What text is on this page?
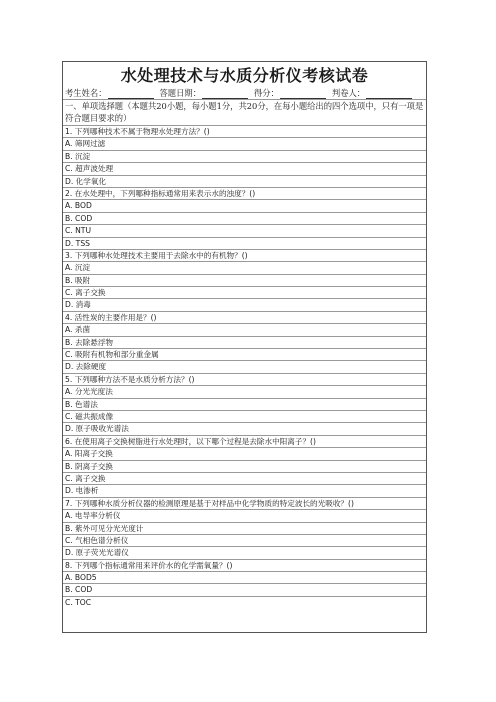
水处理技术与水质分析仪考核试卷
考生姓名：	答题日期：	得分：	判卷人：
一、单项选择题（本题共20小题，每小题1分，共20分，在每小题给出的四个选项中，只有一项是符合题目要求的）
1. 下列哪种技术不属于物理水处理方法？()
A. 筛网过滤
B. 沉淀
C. 超声波处理
D. 化学氧化
2. 在水处理中，下列哪种指标通常用来表示水的浊度？()
A. BOD
B. COD
C. NTU
D. TSS
3. 下列哪种水处理技术主要用于去除水中的有机物？()
A. 沉淀
B. 吸附
C. 离子交换
D. 消毒
4. 活性炭的主要作用是？()
A. 杀菌
B. 去除悬浮物
C. 吸附有机物和部分重金属
D. 去除硬度
5. 下列哪种方法不是水质分析方法？()
A. 分光光度法
B. 色谱法
C. 磁共振成像
D. 原子吸收光谱法
6. 在使用离子交换树脂进行水处理时，以下哪个过程是去除水中阳离子？()
A. 阳离子交换
B. 阴离子交换
C. 离子交换
D. 电渗析
7. 下列哪种水质分析仪器的检测原理是基于对样品中化学物质的特定波长的光吸收？()
A. 电导率分析仪
B. 紫外可见分光光度计
C. 气相色谱分析仪
D. 原子荧光光谱仪
8. 下列哪个指标通常用来评价水的化学需氧量？()
A. BOD5
B. COD
C. TOC
